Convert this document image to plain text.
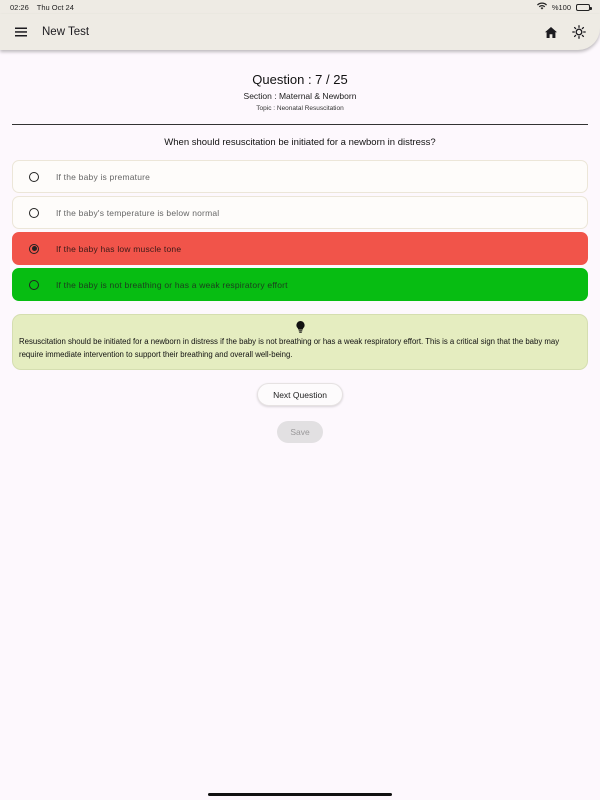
02:26 Thu Oct 24	%100
New Test
Question : 7 / 25
Section : Maternal & Newborn
Topic : Neonatal Resuscitation
When should resuscitation be initiated for a newborn in distress?
If the baby is premature
If the baby's temperature is below normal
If the baby has low muscle tone
If the baby is not breathing or has a weak respiratory effort
Resuscitation should be initiated for a newborn in distress if the baby is not breathing or has a weak respiratory effort. This is a critical sign that the baby may require immediate intervention to support their breathing and overall well-being.
Next Question
Save
